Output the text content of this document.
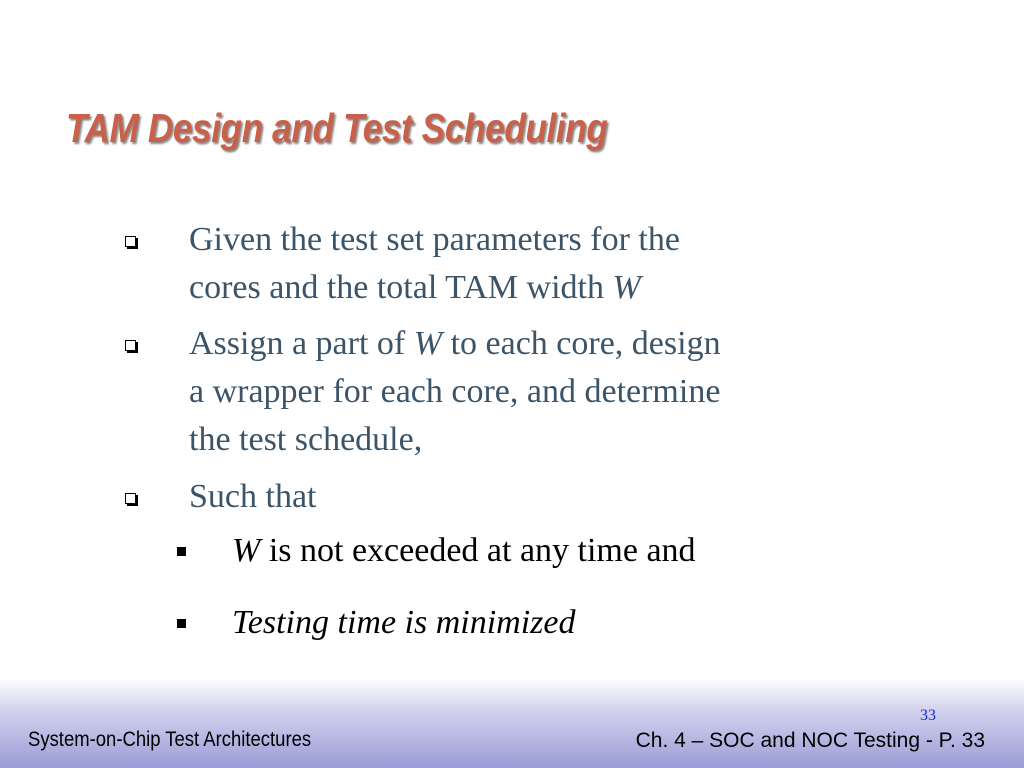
TAM Design and Test Scheduling
Given the test set parameters for the
cores and the total TAM width W
Assign a part of W to each core, design
a wrapper for each core, and determine
the test schedule,
Such that
W is not exceeded at any time and
Testing time is minimized
33
System-on-Chip Test Architectures	Ch. 4 – SOC and NOC Testing - P. 33
